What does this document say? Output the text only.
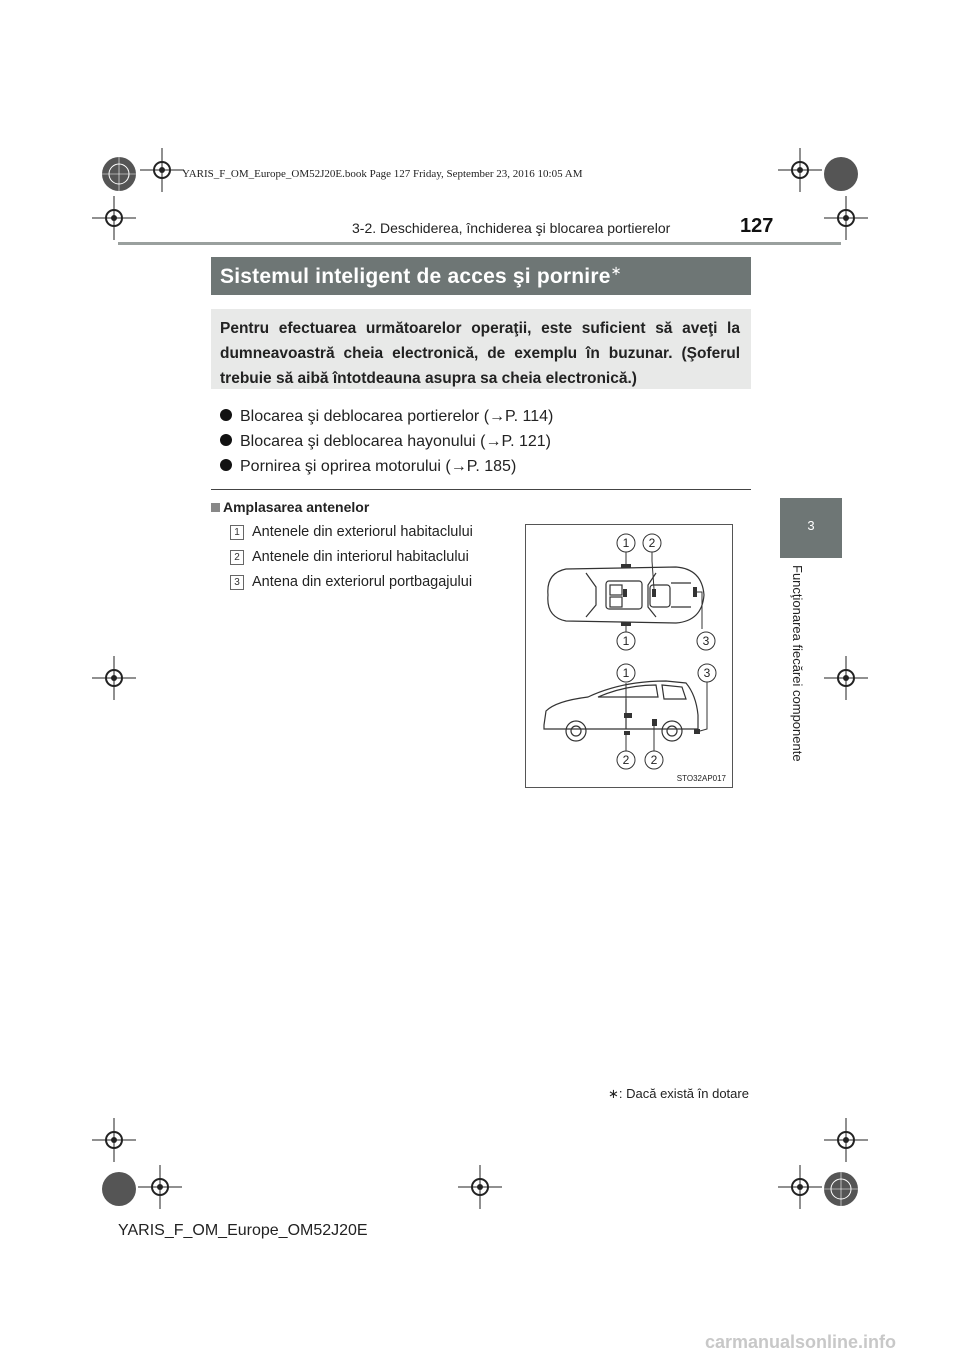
YARIS_F_OM_Europe_OM52J20E.book Page 127 Friday, September 23, 2016 10:05 AM
3-2. Deschiderea, închiderea şi blocarea portierelor	127
Sistemul inteligent de acces şi pornire∗
Pentru efectuarea următoarelor operaţii, este suficient să aveţi la dumneavoastră cheia electronică, de exemplu în buzunar. (Şoferul trebuie să aibă întotdeauna asupra sa cheia electronică.)
Blocarea şi deblocarea portierelor (→P. 114)
Blocarea şi deblocarea hayonului (→P. 121)
Pornirea şi oprirea motorului (→P. 185)
Amplasarea antenelor
1 Antenele din exteriorul habitaclului
2 Antenele din interiorul habitaclului
3 Antena din exteriorul portbagajului
1 2
1	3
1	3
2 2
STO32AP017
3
Funcţionarea fiecărei componente
∗: Dacă există în dotare
YARIS_F_OM_Europe_OM52J20E
carmanualsonline.info
